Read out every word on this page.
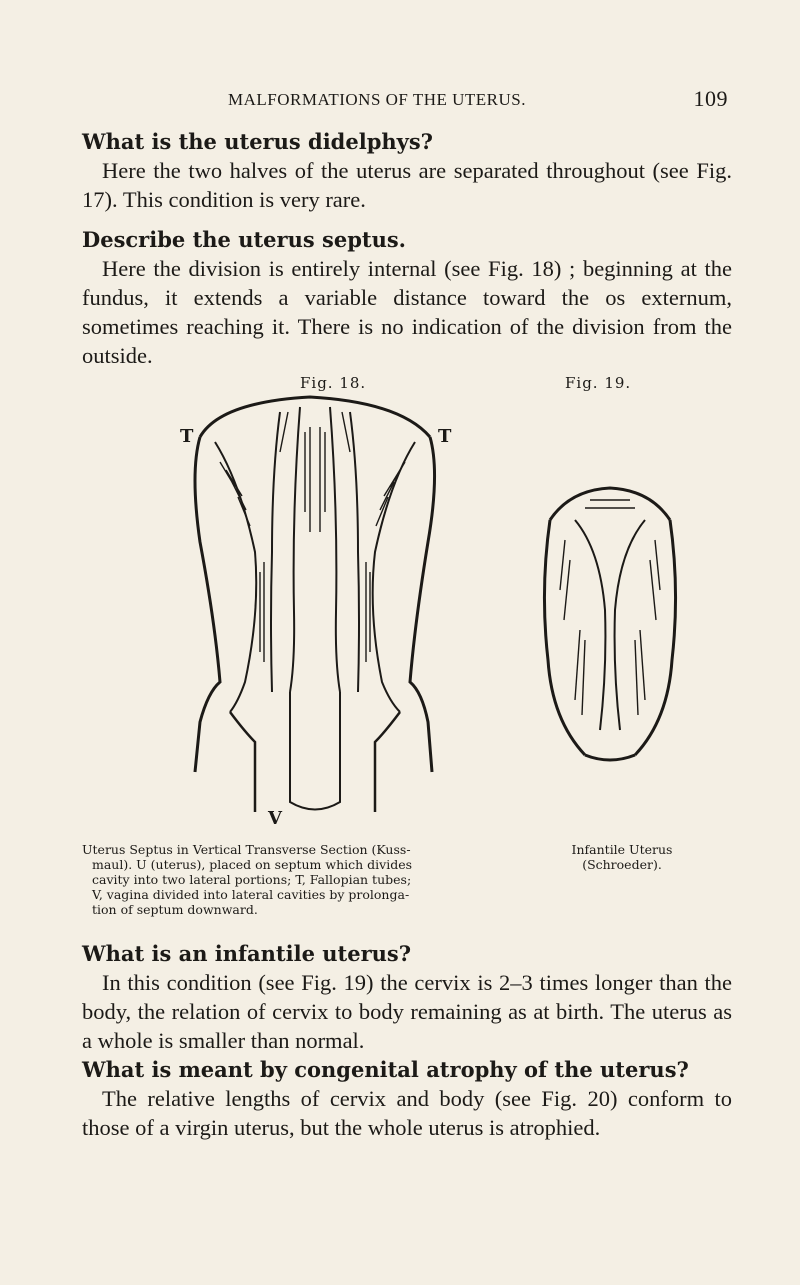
MALFORMATIONS OF THE UTERUS.	109

What is the uterus didelphys?

Here the two halves of the uterus are separated throughout (see Fig. 17). This condition is very rare.

Describe the uterus septus.

Here the division is entirely internal (see Fig. 18) ; beginning at the fundus, it extends a variable distance toward the os externum, sometimes reaching it. There is no indication of the division from the outside.

Fig. 18.	Fig. 19.
T	T
V

Uterus Septus in Vertical Transverse Section (Kuss-

maul). U (uterus), placed on septum which divides

cavity into two lateral portions; T, Fallopian tubes;

V, vagina divided into lateral cavities by prolonga-

tion of septum downward.

Infantile Uterus

(Schroeder).

What is an infantile uterus?

In this condition (see Fig. 19) the cervix is 2–3 times longer than the body, the relation of cervix to body remaining as at birth. The uterus as a whole is smaller than normal.

What is meant by congenital atrophy of the uterus?

The relative lengths of cervix and body (see Fig. 20) conform to those of a virgin uterus, but the whole uterus is atrophied.
